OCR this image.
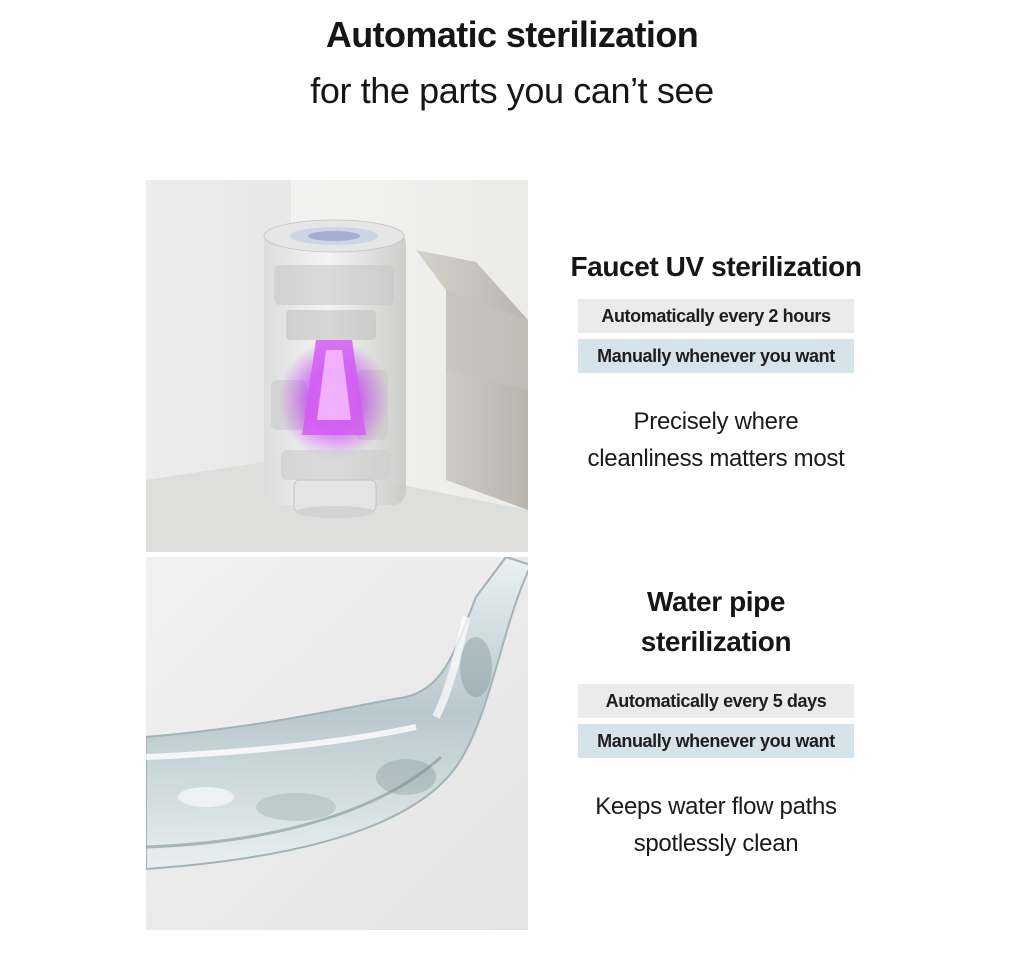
Automatic sterilization
for the parts you can’t see
Faucet UV sterilization
Automatically every 2 hours
Manually whenever you want
Precisely where
cleanliness matters most
Water pipe
sterilization
Automatically every 5 days
Manually whenever you want
Keeps water flow paths
spotlessly clean
